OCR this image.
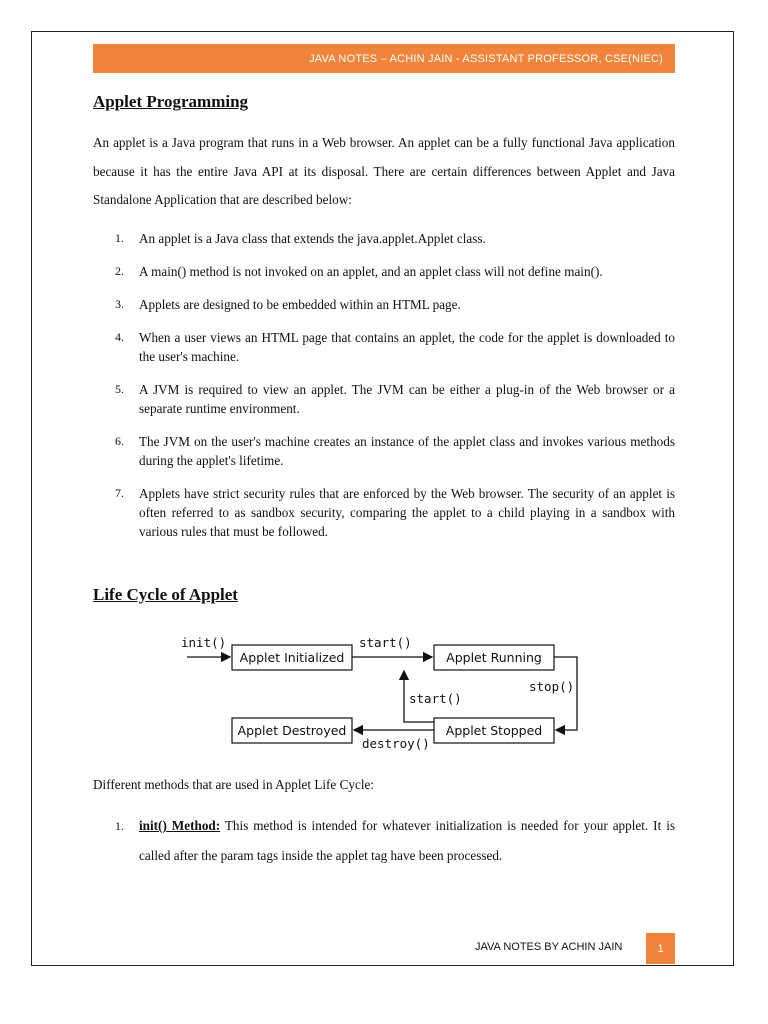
JAVA NOTES – ACHIN JAIN - ASSISTANT PROFESSOR, CSE(NIEC)
Applet Programming
An applet is a Java program that runs in a Web browser. An applet can be a fully functional Java application because it has the entire Java API at its disposal. There are certain differences between Applet and Java Standalone Application that are described below:
1. An applet is a Java class that extends the java.applet.Applet class.
2. A main() method is not invoked on an applet, and an applet class will not define main().
3. Applets are designed to be embedded within an HTML page.
4. When a user views an HTML page that contains an applet, the code for the applet is downloaded to the user's machine.
5. A JVM is required to view an applet. The JVM can be either a plug-in of the Web browser or a separate runtime environment.
6. The JVM on the user's machine creates an instance of the applet class and invokes various methods during the applet's lifetime.
7. Applets have strict security rules that are enforced by the Web browser. The security of an applet is often referred to as sandbox security, comparing the applet to a child playing in a sandbox with various rules that must be followed.
Life Cycle of Applet
Applet Initialized	Applet Running
Applet Stopped
Applet Destroyed
init()	start()
stop()
start()
destroy()
Different methods that are used in Applet Life Cycle:
1.	init() Method: This method is intended for whatever initialization is needed for your applet. It is called after the param tags inside the applet tag have been processed.
JAVA NOTES BY ACHIN JAIN	1
